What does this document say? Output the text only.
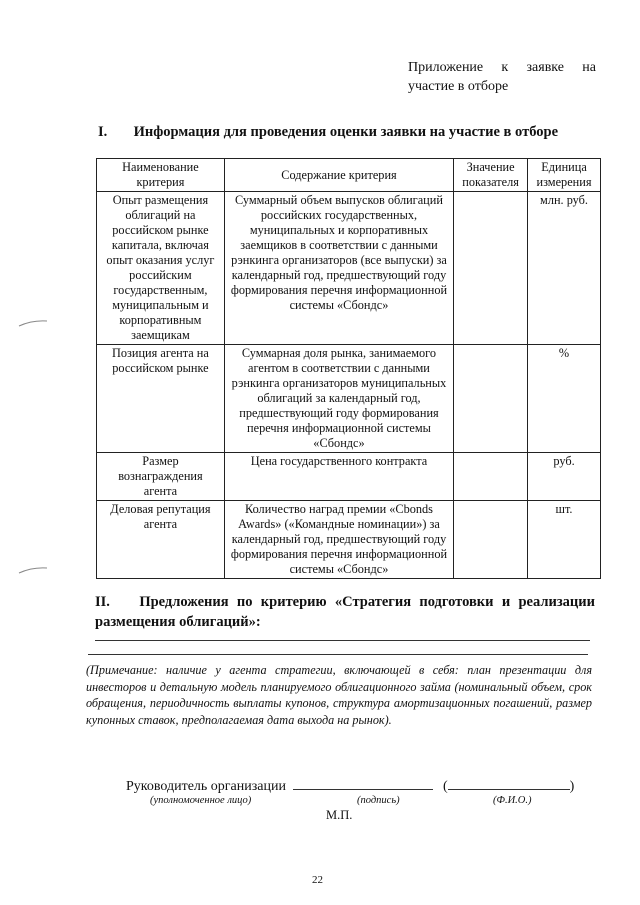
Приложение к заявке на
участие в отборе
I. Информация для проведения оценки заявки на участие в отборе
Наименование критерия	Содержание критерия	Значение показателя	Единица измерения
Опыт размещения облигаций на российском рынке капитала, включая опыт оказания услуг российским государственным, муниципальным и корпоративным заемщикам	Суммарный объем выпусков облигаций российских государственных, муниципальных и корпоративных заемщиков в соответствии с данными рэнкинга организаторов (все выпуски) за календарный год, предшествующий году формирования перечня информационной системы «Сбондс»		млн. руб.
Позиция агента на российском рынке	Суммарная доля рынка, занимаемого агентом в соответствии с данными рэнкинга организаторов муниципальных облигаций за календарный год, предшествующий году формирования перечня информационной системы «Сбондс»		%
Размер вознаграждения агента	Цена государственного контракта		руб.
Деловая репутация агента	Количество наград премии «Cbonds Awards» («Командные номинации») за календарный год, предшествующий году формирования перечня информационной системы «Сбондс»		шт.
II. Предложения по критерию «Стратегия подготовки и реализации размещения облигаций»:
(Примечание: наличие у агента стратегии, включающей в себя: план презентации для инвесторов и детальную модель планируемого облигационного займа (номинальный объем, срок обращения, периодичность выплаты купонов, структура амортизационных погашений, размер купонных ставок, предполагаемая дата выхода на рынок).
Руководитель организации	(	)
(уполномоченное лицо)	(подпись)	(Ф.И.О.)
М.П.
22
